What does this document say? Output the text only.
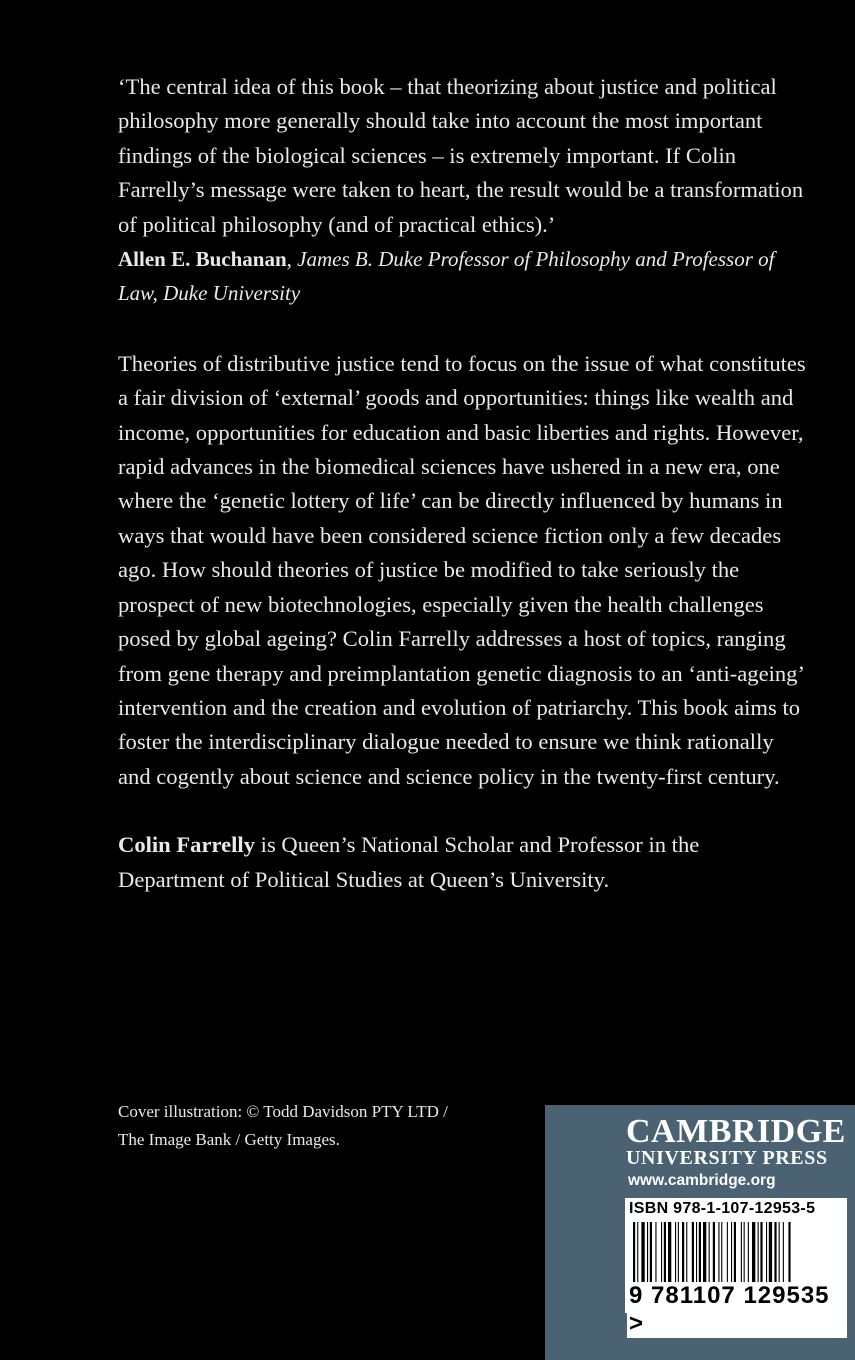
‘The central idea of this book – that theorizing about justice and political philosophy more generally should take into account the most important findings of the biological sciences – is extremely important. If Colin Farrelly’s message were taken to heart, the result would be a transformation of political philosophy (and of practical ethics).’

Allen E. Buchanan, James B. Duke Professor of Philosophy and Professor of Law, Duke University

Theories of distributive justice tend to focus on the issue of what constitutes a fair division of ‘external’ goods and opportunities: things like wealth and income, opportunities for education and basic liberties and rights. However, rapid advances in the biomedical sciences have ushered in a new era, one where the ‘genetic lottery of life’ can be directly influenced by humans in ways that would have been considered science fiction only a few decades ago. How should theories of justice be modified to take seriously the prospect of new biotechnologies, especially given the health challenges posed by global ageing? Colin Farrelly addresses a host of topics, ranging from gene therapy and preimplantation genetic diagnosis to an ‘anti-ageing’ intervention and the creation and evolution of patriarchy. This book aims to foster the interdisciplinary dialogue needed to ensure we think rationally and cogently about science and science policy in the twenty-first century.

Colin Farrelly is Queen’s National Scholar and Professor in the Department of Political Studies at Queen’s University.

Cover illustration: © Todd Davidson PTY LTD /
The Image Bank / Getty Images.	CAMBRIDGE
UNIVERSITY PRESS
www.cambridge.org
ISBN 978-1-107-12953-5
9 781107 129535 >
